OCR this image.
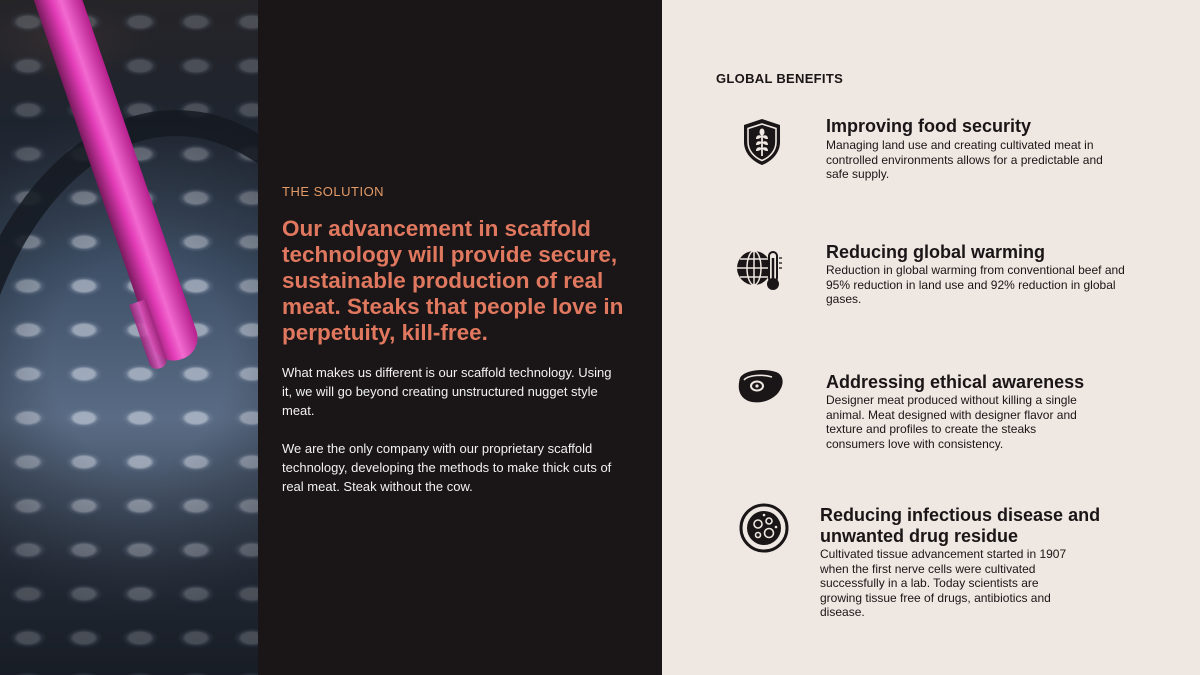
THE SOLUTION
Our advancement in scaffold technology will provide secure, sustainable production of real meat. Steaks that people love in perpetuity, kill-free.
What makes us different is our scaffold technology. Using it, we will go beyond creating unstructured nugget style meat.
We are the only company with our proprietary scaffold technology, developing the methods to make thick cuts of real meat. Steak without the cow.
GLOBAL BENEFITS
Improving food security
Managing land use and creating cultivated meat in controlled environments allows for a predictable and safe supply.
Reducing global warming
Reduction in global warming from conventional beef and 95% reduction in land use and 92% reduction in global gases.
Addressing ethical awareness
Designer meat produced without killing a single animal. Meat designed with designer flavor and texture and profiles to create the steaks consumers love with consistency.
Reducing infectious disease and unwanted drug residue
Cultivated tissue advancement started in 1907 when the first nerve cells were cultivated successfully in a lab. Today scientists are growing tissue free of drugs, antibiotics and disease.
